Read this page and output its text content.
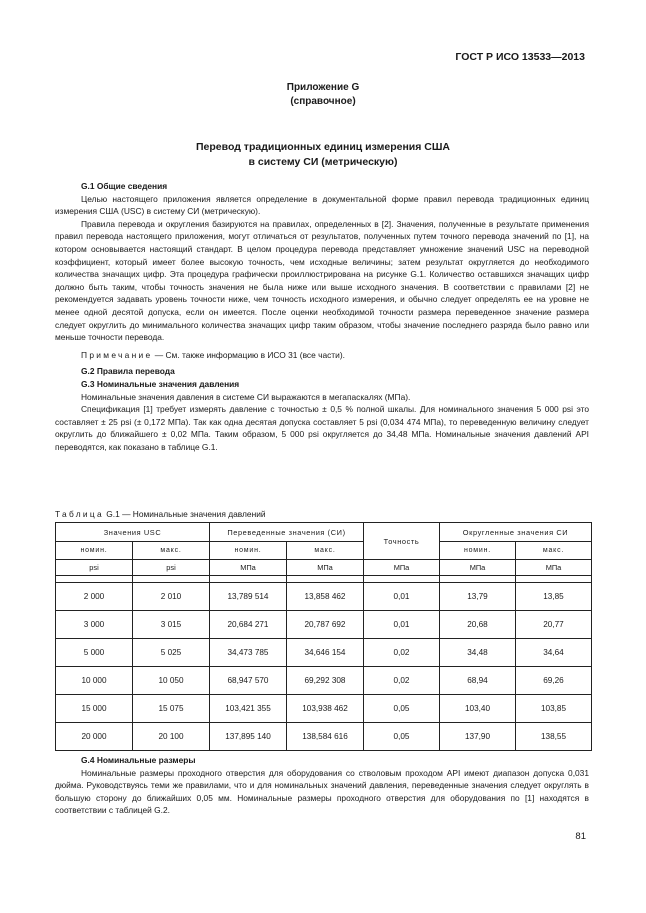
ГОСТ Р ИСО 13533—2013
Приложение G
(справочное)
Перевод традиционных единиц измерения США
в систему СИ (метрическую)
G.1 Общие сведения

Целью настоящего приложения является определение в документальной форме правил перевода традиционных единиц измерения США (USC) в систему СИ (метрическую).

Правила перевода и округления базируются на правилах, определенных в [2]. Значения, полученные в результате применения правил перевода настоящего приложения, могут отличаться от результатов, полученных путем точного перевода значений по [1], на котором основывается настоящий стандарт. В целом процедура перевода представляет умножение значений USC на переводной коэффициент, который имеет более высокую точность, чем исходные величины; затем результат округляется до необходимого количества значащих цифр. Эта процедура графически проиллюстрирована на рисунке G.1. Количество оставшихся значащих цифр должно быть таким, чтобы точность значения не была ниже или выше исходного значения. В соответствии с правилами [2] не рекомендуется задавать уровень точности ниже, чем точность исходного измерения, и обычно следует определять ее на уровне не менее одной десятой допуска, если он имеется. После оценки необходимой точности размера переведенное значение размера следует округлить до минимального количества значащих цифр таким образом, чтобы значение последнего разряда было равно или меньше точности перевода.

Примечание — См. также информацию в ИСО 31 (все части).

G.2 Правила перевода
G.3 Номинальные значения давления

Номинальные значения давления в системе СИ выражаются в мегапаскалях (МПа).

Спецификация [1] требует измерять давление с точностью ± 0,5 % полной шкалы. Для номинального значения 5 000 psi это составляет ± 25 psi (± 0,172 МПа). Так как одна десятая допуска составляет 5 psi (0,034 474 МПа), то переведенную величину следует округлить до ближайшего ± 0,02 МПа. Таким образом, 5 000 psi округляется до 34,48 МПа. Номинальные значения давлений API переводятся, как показано в таблице G.1.

Таблица G.1 — Номинальные значения давлений
Значения USC		Переведенные значения (СИ)		Точность	Округленные значения СИ	
номин.	макс.	номин.	макс.		номин.	макс.
psi	psi	МПа	МПа	МПа	МПа	МПа

2 000	2 010	13,789 514	13,858 462	0,01	13,79	13,85
3 000	3 015	20,684 271	20,787 692	0,01	20,68	20,77
5 000	5 025	34,473 785	34,646 154	0,02	34,48	34,64
10 000	10 050	68,947 570	69,292 308	0,02	68,94	69,26
15 000	15 075	103,421 355	103,938 462	0,05	103,40	103,85
20 000	20 100	137,895 140	138,584 616	0,05	137,90	138,55
G.4 Номинальные размеры

Номинальные размеры проходного отверстия для оборудования со стволовым проходом API имеют диапазон допуска 0,031 дюйма. Руководствуясь теми же правилами, что и для номинальных значений давления, переведенные значения следует округлять в большую сторону до ближайших 0,05 мм. Номинальные размеры проходного отверстия для оборудования по [1] находятся в соответствии с таблицей G.2.

81
